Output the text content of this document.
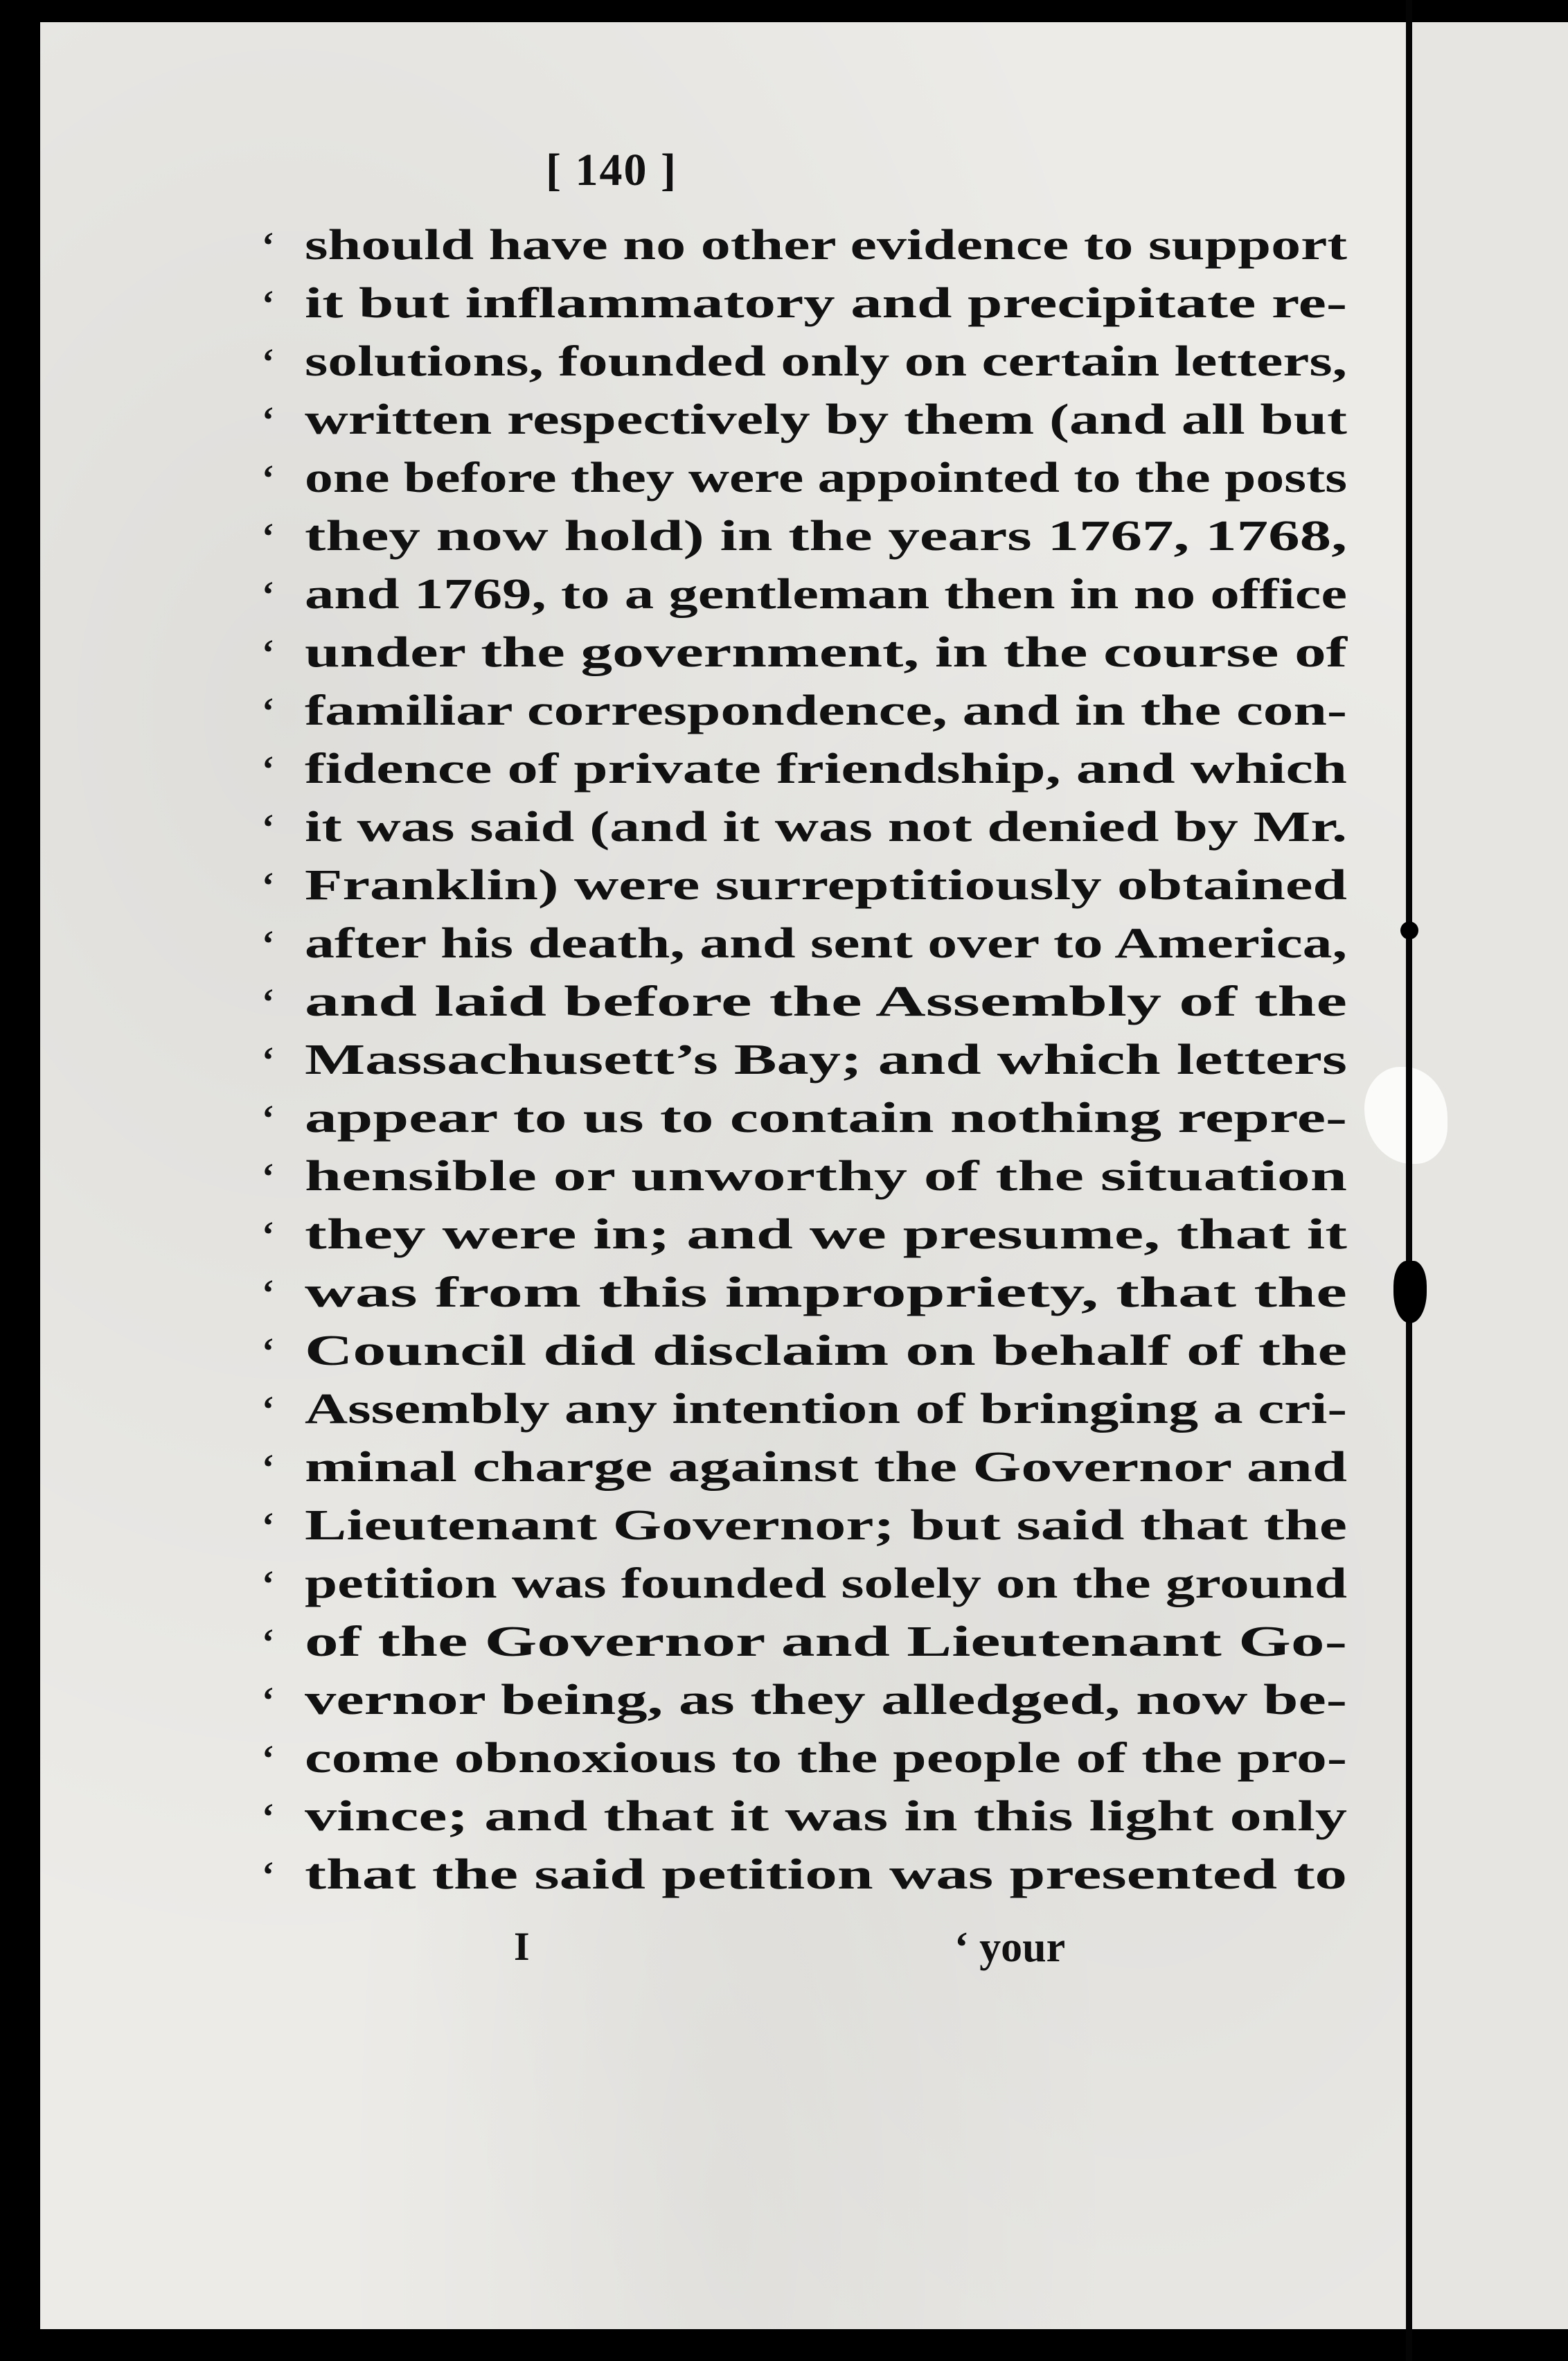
[ 140 ]
‘ should have no other evidence to support
‘ it but inflammatory and precipitate re-
‘ solutions, founded only on certain letters,
‘ written respectively by them (and all but
‘ one before they were appointed to the posts
‘ they now hold) in the years 1767, 1768,
‘ and 1769, to a gentleman then in no office
‘ under the government, in the course of
‘ familiar correspondence, and in the con-
‘ fidence of private friendship, and which
‘ it was said (and it was not denied by Mr.
‘ Franklin) were surreptitiously obtained
‘ after his death, and sent over to America,
‘ and laid before the Assembly of the
‘ Massachusett’s Bay; and which letters
‘ appear to us to contain nothing repre-
‘ hensible or unworthy of the situation
‘ they were in; and we presume, that it
‘ was from this impropriety, that the
‘ Council did disclaim on behalf of the
‘ Assembly any intention of bringing a cri-
‘ minal charge against the Governor and
‘ Lieutenant Governor; but said that the
‘ petition was founded solely on the ground
‘ of the Governor and Lieutenant Go-
‘ vernor being, as they alledged, now be-
‘ come obnoxious to the people of the pro-
‘ vince; and that it was in this light only
‘ that the said petition was presented to
I	‘ your
